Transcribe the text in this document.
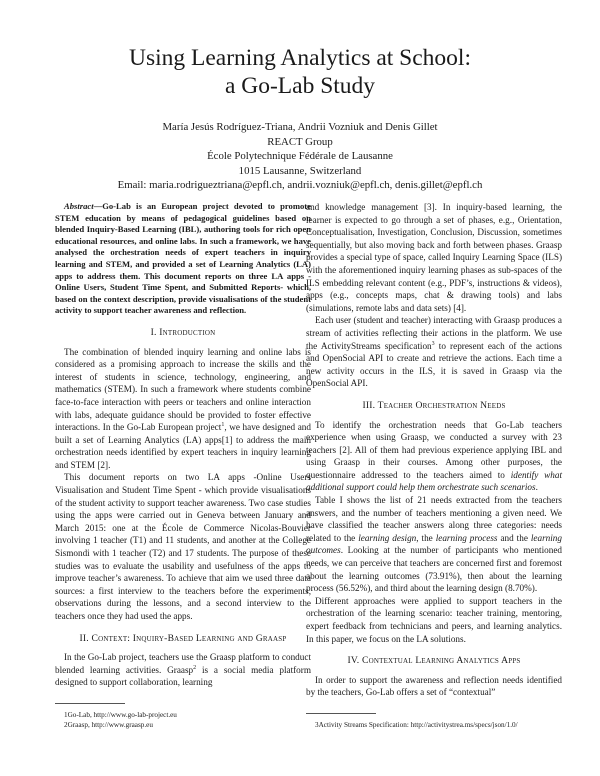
Using Learning Analytics at School:
a Go-Lab Study
María Jesús Rodríguez-Triana, Andrii Vozniuk and Denis Gillet
REACT Group
École Polytechnique Fédérale de Lausanne
1015 Lausanne, Switzerland
Email: maria.rodrigueztriana@epfl.ch, andrii.vozniuk@epfl.ch, denis.gillet@epfl.ch

Abstract—Go-Lab is an European project devoted to promote STEM education by means of pedagogical guidelines based on blended Inquiry-Based Learning (IBL), authoring tools for rich open educational resources, and online labs. In such a framework, we have analysed the orchestration needs of expert teachers in inquiry learning and STEM, and provided a set of Learning Analytics (LA) apps to address them. This document reports on three LA apps -Online Users, Student Time Spent, and Submitted Reports- which, based on the context description, provide visualisations of the student activity to support teacher awareness and reflection.

I. Introduction

The combination of blended inquiry learning and online labs is considered as a promising approach to increase the skills and the interest of students in science, technology, engineering, and mathematics (STEM). In such a framework where students combine face-to-face interaction with peers or teachers and online interaction with labs, adequate guidance should be provided to foster effective interactions. In the Go-Lab European project$^1$, we have designed and built a set of Learning Analytics (LA) apps[1] to address the main orchestration needs identified by expert teachers in inquiry learning and STEM [2].

This document reports on two LA apps -Online Users Visualisation and Student Time Spent - which provide visualisations of the student activity to support teacher awareness. Two case studies using the apps were carried out in Geneva between January and March 2015: one at the École de Commerce Nicolas-Bouvier involving 1 teacher (T1) and 11 students, and another at the College Sismondi with 1 teacher (T2) and 17 students. The purpose of these studies was to evaluate the usability and usefulness of the apps to improve teacher’s awareness. To achieve that aim we used three data sources: a first interview to the teachers before the experiments, observations during the lessons, and a second interview to the teachers once they had used the apps.

II. Context: Inquiry-Based Learning and Graasp

In the Go-Lab project, teachers use the Graasp platform to conduct blended learning activities. Graasp$^2$ is a social media platform designed to support collaboration, learning

1Go-Lab, http://www.go-lab-project.eu

2Graasp, http://www.graasp.eu

and knowledge management [3]. In inquiry-based learning, the learner is expected to go through a set of phases, e.g., Orientation, Conceptualisation, Investigation, Conclusion, Discussion, sometimes sequentially, but also moving back and forth between phases. Graasp provides a special type of space, called Inquiry Learning Space (ILS) with the aforementioned inquiry learning phases as sub-spaces of the ILS embedding relevant content (e.g., PDF’s, instructions & videos), apps (e.g., concepts maps, chat & drawing tools) and labs (simulations, remote labs and data sets) [4].

Each user (student and teacher) interacting with Graasp produces a stream of activities reflecting their actions in the platform. We use the ActivityStreams specification$^3$ to represent each of the actions and OpenSocial API to create and retrieve the actions. Each time a new activity occurs in the ILS, it is saved in Graasp via the OpenSocial API.

III. Teacher Orchestration Needs

To identify the orchestration needs that Go-Lab teachers experience when using Graasp, we conducted a survey with 23 teachers [2]. All of them had previous experience applying IBL and using Graasp in their courses. Among other purposes, the questionnaire addressed to the teachers aimed to identify what additional support could help them orchestrate such scenarios.

Table I shows the list of 21 needs extracted from the teachers answers, and the number of teachers mentioning a given need. We have classified the teacher answers along three categories: needs related to the learning design, the learning process and the learning outcomes. Looking at the number of participants who mentioned needs, we can perceive that teachers are concerned first and foremost about the learning outcomes (73.91%), then about the learning process (56.52%), and third about the learning design (8.70%).

Different approaches were applied to support teachers in the orchestration of the learning scenario: teacher training, mentoring, expert feedback from technicians and peers, and learning analytics. In this paper, we focus on the LA solutions.

IV. Contextual Learning Analytics Apps

In order to support the awareness and reflection needs identified by the teachers, Go-Lab offers a set of “contextual”

3Activity Streams Specification: http://activitystrea.ms/specs/json/1.0/
